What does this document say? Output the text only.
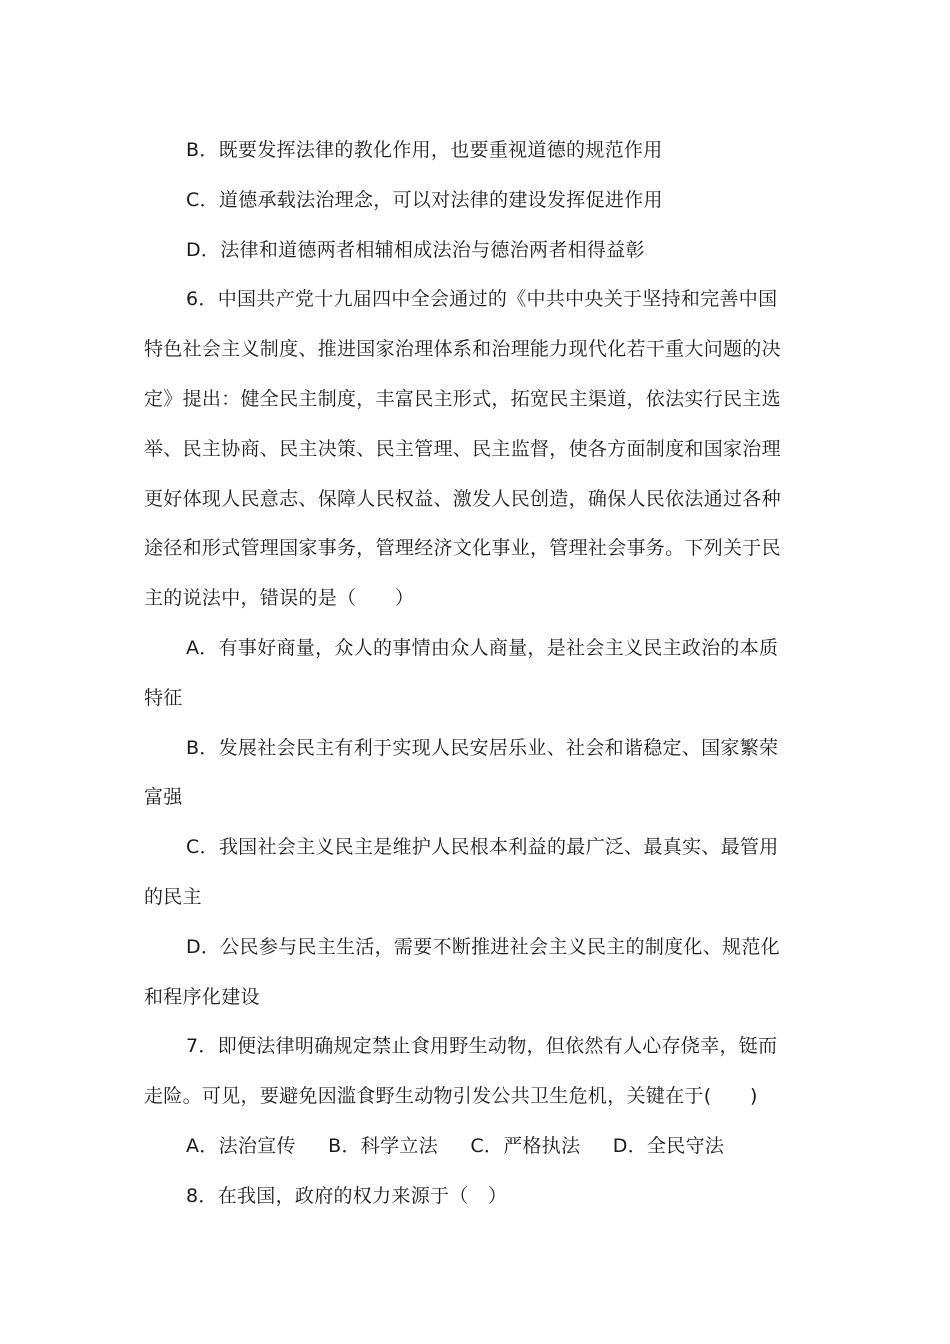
B．既要发挥法律的教化作用，也要重视道德的规范作用
C．道德承载法治理念，可以对法律的建设发挥促进作用
D．法律和道德两者相辅相成法治与德治两者相得益彰
6．中国共产党十九届四中全会通过的《中共中央关于坚持和完善中国
特色社会主义制度、推进国家治理体系和治理能力现代化若干重大问题的决
定》提出：健全民主制度，丰富民主形式，拓宽民主渠道，依法实行民主选
举、民主协商、民主决策、民主管理、民主监督，使各方面制度和国家治理
更好体现人民意志、保障人民权益、激发人民创造，确保人民依法通过各种
途径和形式管理国家事务，管理经济文化事业，管理社会事务。下列关于民
主的说法中，错误的是（　　）
A．有事好商量，众人的事情由众人商量，是社会主义民主政治的本质
特征
B．发展社会民主有利于实现人民安居乐业、社会和谐稳定、国家繁荣
富强
C．我国社会主义民主是维护人民根本利益的最广泛、最真实、最管用
的民主
D．公民参与民主生活，需要不断推进社会主义民主的制度化、规范化
和程序化建设
7．即便法律明确规定禁止食用野生动物，但依然有人心存侥幸，铤而
走险。可见，要避免因滥食野生动物引发公共卫生危机，关键在于(　　)
A．法治宣传 B．科学立法 C．严格执法 D．全民守法
8．在我国，政府的权力来源于（　）
